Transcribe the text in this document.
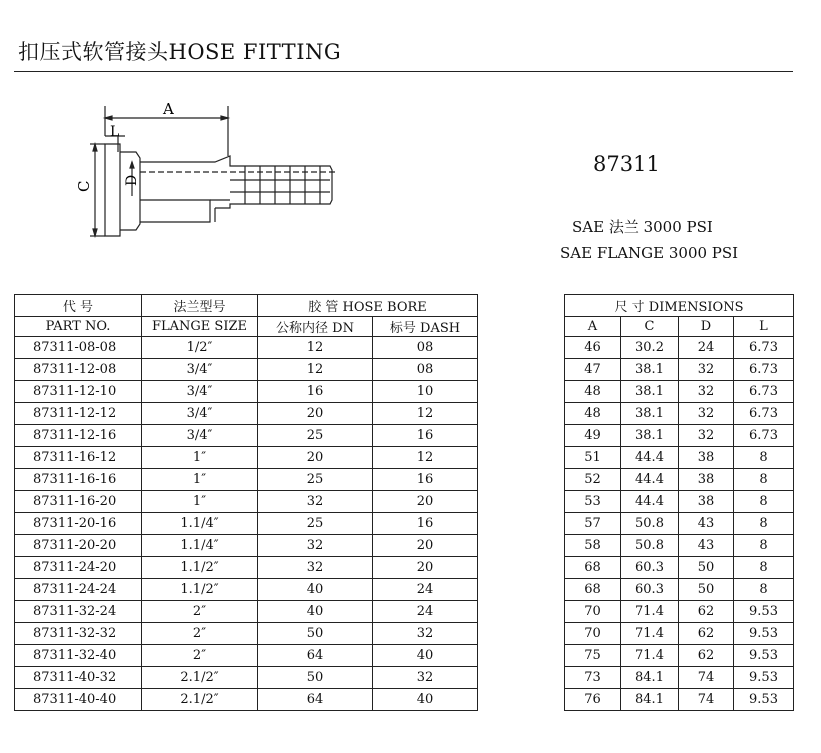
扣压式软管接头HOSE FITTING
A
L
C
D
87311
SAE 法兰 3000 PSI
SAE FLANGE 3000 PSI
代 号	法兰型号	胶 管 HOSE BORE			尺 寸 DIMENSIONS			
PART NO.	FLANGE SIZE	公称内径 DN	标号 DASH		A	C	D	L
87311-08-08	1/2″	12	08		46	30.2	24	6.73
87311-12-08	3/4″	12	08		47	38.1	32	6.73
87311-12-10	3/4″	16	10		48	38.1	32	6.73
87311-12-12	3/4″	20	12		48	38.1	32	6.73
87311-12-16	3/4″	25	16		49	38.1	32	6.73
87311-16-12	1″	20	12		51	44.4	38	8
87311-16-16	1″	25	16		52	44.4	38	8
87311-16-20	1″	32	20		53	44.4	38	8
87311-20-16	1.1/4″	25	16		57	50.8	43	8
87311-20-20	1.1/4″	32	20		58	50.8	43	8
87311-24-20	1.1/2″	32	20		68	60.3	50	8
87311-24-24	1.1/2″	40	24		68	60.3	50	8
87311-32-24	2″	40	24		70	71.4	62	9.53
87311-32-32	2″	50	32		70	71.4	62	9.53
87311-32-40	2″	64	40		75	71.4	62	9.53
87311-40-32	2.1/2″	50	32		73	84.1	74	9.53
87311-40-40	2.1/2″	64	40		76	84.1	74	9.53
